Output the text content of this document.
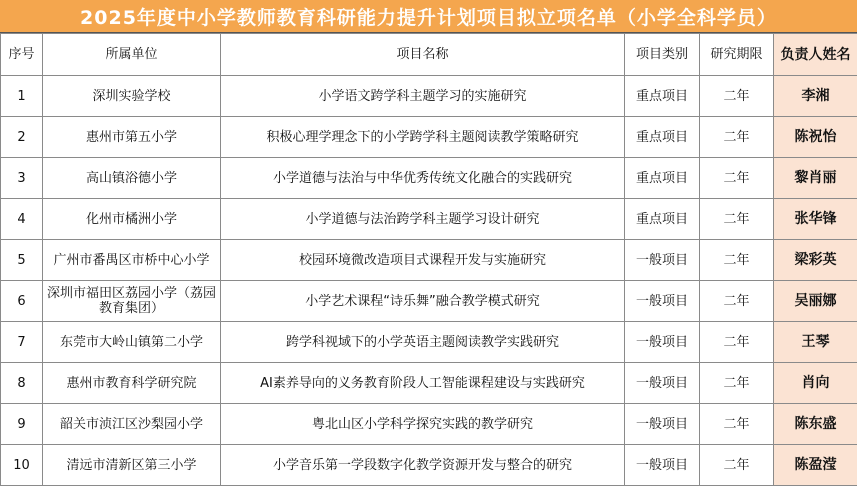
2025年度中小学教师教育科研能力提升计划项目拟立项名单（小学全科学员）
序号	所属单位	项目名称	项目类别	研究期限	负责人姓名
1	深圳实验学校	小学语文跨学科主题学习的实施研究	重点项目	二年	李湘
2	惠州市第五小学	积极心理学理念下的小学跨学科主题阅读教学策略研究	重点项目	二年	陈祝怡
3	高山镇浴德小学	小学道德与法治与中华优秀传统文化融合的实践研究	重点项目	二年	黎肖丽
4	化州市橘洲小学	小学道德与法治跨学科主题学习设计研究	重点项目	二年	张华锋
5	广州市番禺区市桥中心小学	校园环境微改造项目式课程开发与实施研究	一般项目	二年	梁彩英
6	深圳市福田区荔园小学（荔园教育集团）	小学艺术课程“诗乐舞”融合教学模式研究	一般项目	二年	吴丽娜
7	东莞市大岭山镇第二小学	跨学科视域下的小学英语主题阅读教学实践研究	一般项目	二年	王琴
8	惠州市教育科学研究院	AI素养导向的义务教育阶段人工智能课程建设与实践研究	一般项目	二年	肖向
9	韶关市浈江区沙梨园小学	粤北山区小学科学探究实践的教学研究	一般项目	二年	陈东盛
10	清远市清新区第三小学	小学音乐第一学段数字化教学资源开发与整合的研究	一般项目	二年	陈盈滢
